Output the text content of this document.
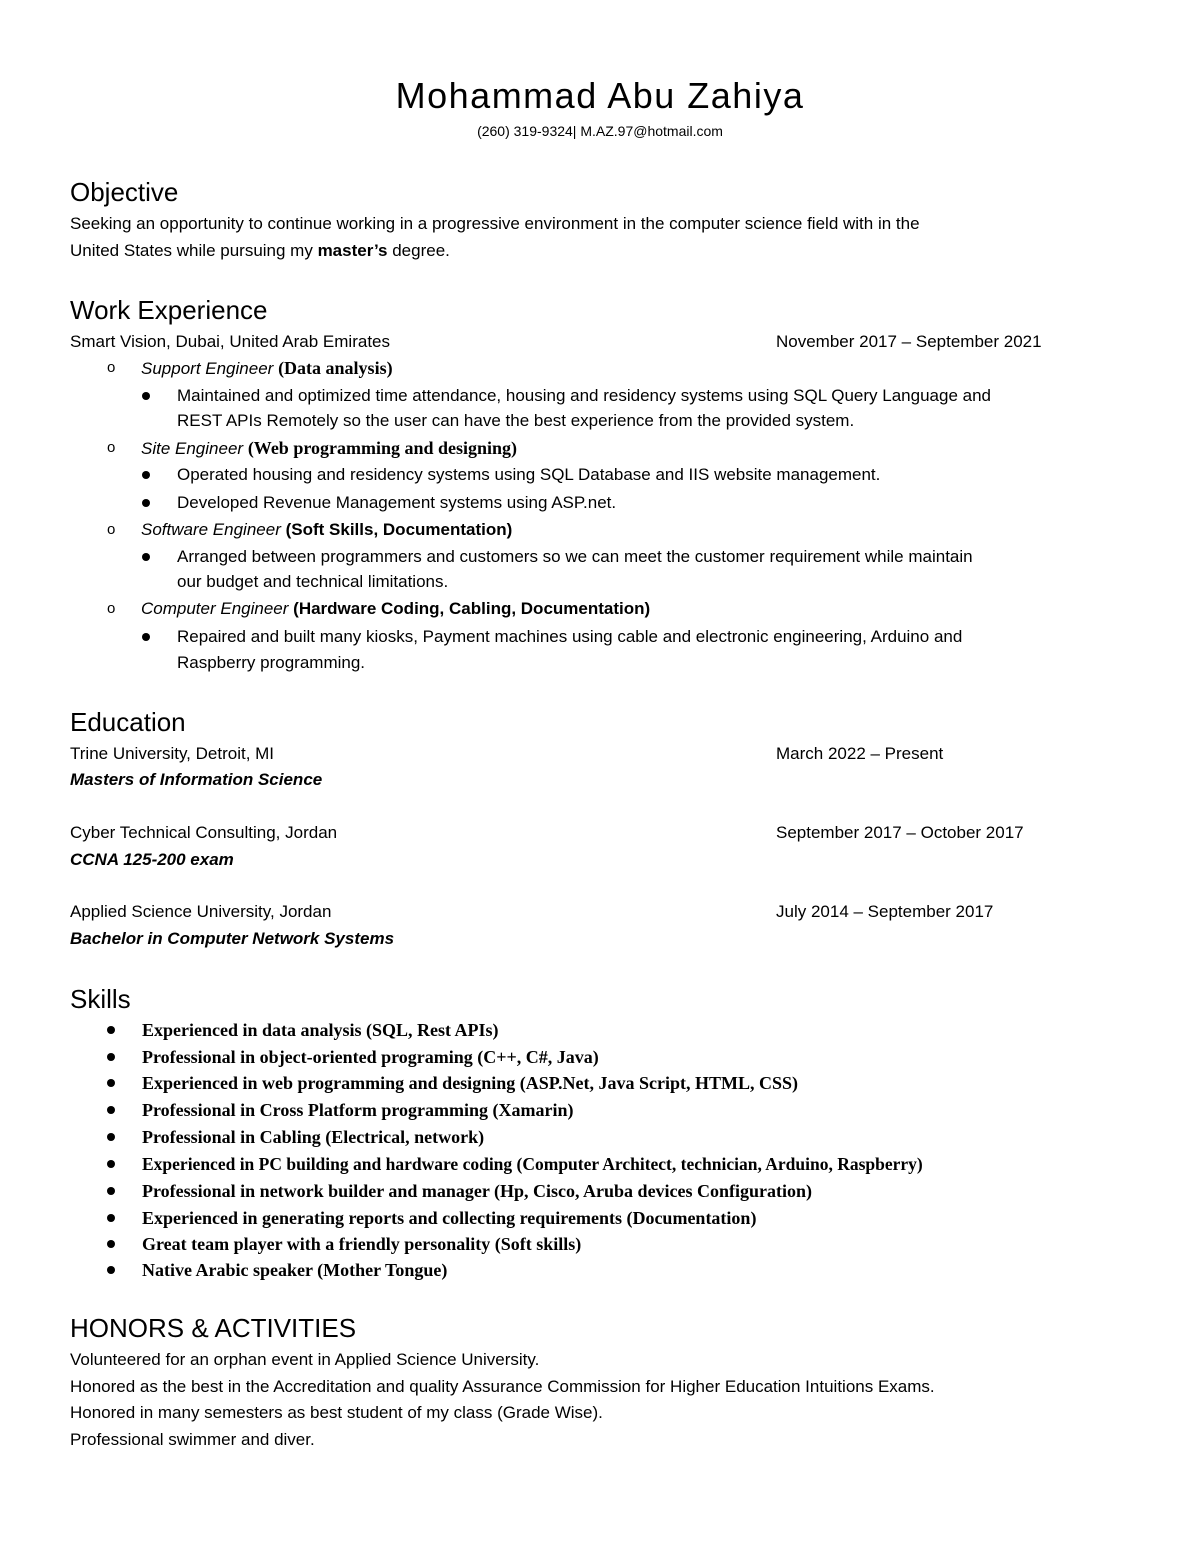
Mohammad Abu Zahiya
(260) 319-9324| M.AZ.97@hotmail.com
Objective
Seeking an opportunity to continue working in a progressive environment in the computer science field with in the
United States while pursuing my master’s degree.
Work Experience
Smart Vision, Dubai, United Arab Emirates	November 2017 – September 2021
o Support Engineer (Data analysis)
Maintained and optimized time attendance, housing and residency systems using SQL Query Language and
REST APIs Remotely so the user can have the best experience from the provided system.
o Site Engineer (Web programming and designing)
Operated housing and residency systems using SQL Database and IIS website management.
Developed Revenue Management systems using ASP.net.
o Software Engineer (Soft Skills, Documentation)
Arranged between programmers and customers so we can meet the customer requirement while maintain
our budget and technical limitations.
o Computer Engineer (Hardware Coding, Cabling, Documentation)
Repaired and built many kiosks, Payment machines using cable and electronic engineering, Arduino and
Raspberry programming.
Education
Trine University, Detroit, MI	March 2022 – Present
Masters of Information Science
Cyber Technical Consulting, Jordan	September 2017 – October 2017
CCNA 125-200 exam
Applied Science University, Jordan	July 2014 – September 2017
Bachelor in Computer Network Systems
Skills
Experienced in data analysis (SQL, Rest APIs)
Professional in object-oriented programing (C++, C#, Java)
Experienced in web programming and designing (ASP.Net, Java Script, HTML, CSS)
Professional in Cross Platform programming (Xamarin)
Professional in Cabling (Electrical, network)
Experienced in PC building and hardware coding (Computer Architect, technician, Arduino, Raspberry)
Professional in network builder and manager (Hp, Cisco, Aruba devices Configuration)
Experienced in generating reports and collecting requirements (Documentation)
Great team player with a friendly personality (Soft skills)
Native Arabic speaker (Mother Tongue)
HONORS & ACTIVITIES
Volunteered for an orphan event in Applied Science University.
Honored as the best in the Accreditation and quality Assurance Commission for Higher Education Intuitions Exams.
Honored in many semesters as best student of my class (Grade Wise).
Professional swimmer and diver.
